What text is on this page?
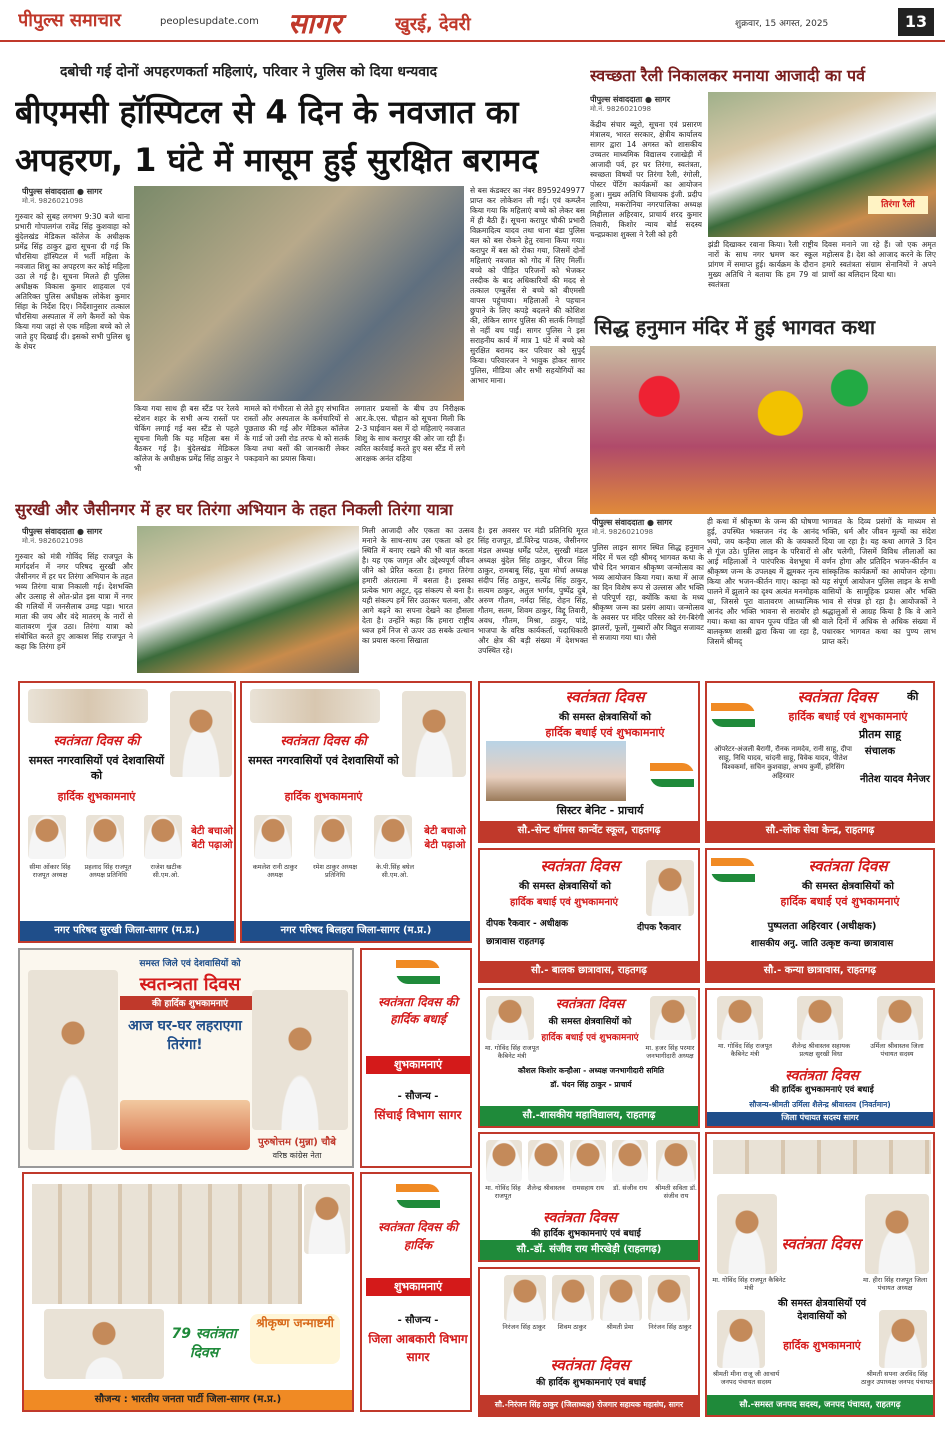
पीपुल्स समाचार	peoplesupdate.com	सागर	खुरई, देवरी	शुक्रवार, 15 अगस्त, 2025	13
दबोची गई दोनों अपहरणकर्ता महिलाएं, परिवार ने पुलिस को दिया धन्यवाद
बीएमसी हॉस्पिटल से 4 दिन के नवजात का
अपहरण, 1 घंटे में मासूम हुई सुरक्षित बरामद
पीपुल्स संवाददाता ● सागर
मो.नं. 9826021098
गुरुवार को सुबह लगभग 9:30 बजे थाना प्रभारी गोपालगंज रावेंद्र सिंह कुशवाहा को बुंदेलखंड मेडिकल कॉलेज के अधीक्षक प्रमेंद्र सिंह ठाकुर द्वारा सूचना दी गई कि चौरसिया हॉस्पिटल में भर्ती महिला के नवजात शिशु का अपहरण कर कोई महिला उठा ले गई है। सूचना मिलते ही पुलिस अधीक्षक विकास कुमार शाहवाल एवं अतिरिक्त पुलिस अधीक्षक लोकेश कुमार सिंहा के निर्देश दिए। निर्देशानुसार तत्काल चौरसिया अस्पताल में लगे कैमरों को चेक किया गया जहां से एक महिला बच्चे को ले जाते हुए दिखाई दी। इसको सभी पुलिस थ्रू के शेयर
किया गया साथ ही बस स्टैंड पर रेलवे स्टेशन शहर के सभी अन्य रास्तों पर चेकिंग लगाई गई बस स्टैंड से पहले सूचना मिली कि यह महिला बस में बैठकर गई है। बुंदेलखंड मेडिकल कॉलेज के अधीक्षक प्रमेंद्र सिंह ठाकुर ने भी
मामले को गंभीरता से लेते हुए संभावित रास्तों और अस्पताल के कर्मचारियों से पूछताछ की गई और मेडिकल कॉलेज के गार्ड जो उसी रोड तरफ थे को सतर्क किया तथा बसों की जानकारी लेकर पकड़वाने का प्रयास किया।
लगातार प्रयासों के बीच उप निरीक्षक आर.के.एस. चौहान को सूचना मिली कि 2-3 घाईवान बस में दो महिलाएं नवजात शिशु के साथ करापुर की ओर जा रही हैं। त्वरित कार्रवाई करते हुए बस स्टैंड में लगे आरक्षक अनंत दहिया
से बस कंडक्टर का नंबर 8959249977 प्राप्त कर लोकेशन ली गई। एवं कम्प्लैन किया गया कि महिलाएं बच्चे को लेकर बस में ही बैठी हैं। सूचना करापुर चौकी प्रभारी विक्रमादित्य यादव तथा थाना बंडा पुलिस बल को बस रोकने हेतु रवाना किया गया। करापुर में बस को रोका गया, जिसमें दोनों महिलाएं नवजात को गोद में लिए मिलीं। बच्चे को पीड़ित परिजनों को भेजकर तस्दीक के बाद अधिकारियों की मदद से तत्काल एम्बुलेंस से बच्चे को बीएमसी वापस पहुंचाया। महिलाओं ने पहचान छुपाने के लिए कपड़े बदलने की कोशिश की, लेकिन सागर पुलिस की सतर्क निगाहों से नहीं बच पाईं। सागर पुलिस ने इस सराहनीय कार्य में मात्र 1 घंटे में बच्चे को सुरक्षित बरामद कर परिवार को सुपुर्द किया। परिवारजन ने भावुक होकर सागर पुलिस, मीडिया और सभी सहयोगियों का आभार माना।
स्वच्छता रैली निकालकर मनाया आजादी का पर्व
पीपुल्स संवाददाता ● सागर
मो.नं. 9826021098
केंद्रीय संचार ब्यूरो, सूचना एवं प्रसारण मंत्रालय, भारत सरकार, क्षेत्रीय कार्यालय सागर द्वारा 14 अगस्त को शासकीय उच्चतर माध्यमिक विद्यालय रजाखेड़ी में आजादी पर्व, हर घर तिरंगा, स्वतंत्रता, स्वच्छता विषयों पर तिरंगा रैली, रंगोली, पोस्टर पेंटिंग कार्यक्रमों का आयोजन हुआ। मुख्य अतिथि विधायक इंजी. प्रदीप लारिया, मकरोनिया नगरपालिका अध्यक्ष मिहीलाल अहिरवार, प्राचार्य शरद कुमार तिवारी, किशोर न्याय बोर्ड सदस्य चन्द्रप्रकाश शुक्ला ने रैली को हरी
तिरंगा रैली
झंडी दिखाकर रवाना किया। रैली राष्ट्रीय नारों के साथ नगर भ्रमण कर स्कूल प्रांगण में समाप्त हुई। कार्यक्रम के दौरान मुख्य अतिथि ने बताया कि हम 79 वां स्वतंत्रता
दिवस मनाने जा रहे हैं। जो एक अमृत महोत्सव है। देश को आजाद करने के लिए हमारे स्वतंत्रता संग्राम सेनानियों ने अपने प्राणों का बलिदान दिया था।
सिद्ध हनुमान मंदिर में हुई भागवत कथा
पीपुल्स संवाददाता ● सागर
मो.नं. 9826021098
पुलिस लाइन सागर स्थित सिद्ध हनुमान मंदिर में चल रही श्रीमद् भागवत कथा के चौथे दिन भगवान श्रीकृष्ण जन्मोत्सव का भव्य आयोजन किया गया। कथा में आज का दिन विशेष रूप से उल्लास और भक्ति से परिपूर्ण रहा, क्योंकि कथा के मध्य श्रीकृष्ण जन्म का प्रसंग आया। जन्मोत्सव के अवसर पर मंदिर परिसर को रंग-बिरंगी झालरों, फूलों, गुब्बारों और विद्युत सजावट से सजाया गया था। जैसे
ही कथा में श्रीकृष्ण के जन्म की घोषणा हुई, उपस्थित भक्तजन नंद के आनंद भयो, जय कन्हैया लाल की के जयकारों से गूंज उठे। पुलिस लाइन के परिवारों से आई महिलाओं ने पारंपरिक वेशभूषा में श्रीकृष्ण जन्म के उपलक्ष्य में झूमकर नृत्य किया और भजन-कीर्तन गाए। कान्हा को पालने में झुलाने का दृश्य अत्यंत मनमोहक था, जिससे पूरा वातावरण आध्यात्मिक आनंद और भक्ति भावना से सराबोर हो गया। कथा का वाचन पूज्य पंडित जी श्री बालकृष्ण शास्त्री द्वारा किया जा रहा है, जिसमें श्रीमद्
भागवत के दिव्य प्रसंगों के माध्यम से भक्ति, धर्म और जीवन मूल्यों का संदेश दिया जा रहा है। यह कथा आगले 3 दिन और चलेगी, जिसमें विविध लीलाओं का वर्णन होगा और प्रतिदिन भजन-कीर्तन व सांस्कृतिक कार्यक्रमों का आयोजन रहेगा। यह संपूर्ण आयोजन पुलिस लाइन के सभी वासियों के सामूहिक प्रयास और भक्ति भाव से संपन्न हो रहा है। आयोजकों ने श्रद्धालुओं से आग्रह किया है कि वे आने वाले दिनों में अधिक से अधिक संख्या में पधारकर भागवत कथा का पुण्य लाभ प्राप्त करें।
सुरखी और जैसीनगर में हर घर तिरंगा अभियान के तहत निकली तिरंगा यात्रा
पीपुल्स संवाददाता ● सागर
मो.नं. 9826021098
गुरुवार को मंत्री गोविंद सिंह राजपूत के मार्गदर्शन में नगर परिषद सुरखी और जैसीनगर में हर घर तिरंगा अभियान के तहत भव्य तिरंगा यात्रा निकाली गई। देशभक्ति और उत्साह से ओत-प्रोत इस यात्रा में नगर की गलियों में जनसैलाब उमड़ पड़ा। भारत माता की जय और वंदे मातरम् के नारों से वातावरण गूंज उठा। तिरंगा यात्रा को संबोधित करते हुए आकाश सिंह राजपूत ने कहा कि तिरंगा हमें
मिली आजादी और एकता का उत्सव मनाने के साथ-साथ उस एकता को हर स्थिति में बनाए रखने की भी बात करता है। यह एक जागृत और उद्देश्यपूर्ण जीवन जीने को प्रेरित करता है। हमारा तिरंगा हमारी अंतरात्मा में बसता है। इसका प्रत्येक भाग अटूट, दृढ़ संकल्प से बना है। यही संकल्प हमें सिर उठाकर चलना, और आगे बढ़ने का सपना देखने का हौसला देता है। उन्होंने कहा कि हमारा राष्ट्रीय ध्वज हमें निज से ऊपर उठ सबके उत्थान का प्रयास करना सिखाता
है। इस अवसर पर मंडी प्रतिनिधि मूरत सिंह राजपूत, डॉ.विरेन्द्र पाठक, जैसीनगर मंडल अध्यक्ष धर्मेंद्र पटेल, सुरखी मंडल अध्यक्ष बुंदेल सिंह ठाकुर, धीरज सिंह ठाकुर, रामबाबू सिंह, युवा मोर्चा अध्यक्ष संदीप सिंह ठाकुर, सत्येंद्र सिंह ठाकुर, सत्यम ठाकुर, अतुल भार्गव, पुष्पेंद्र दुबे, अरुण गौतम, नर्मदा सिंह, रोहन सिंह, गौतम, सतम, शिवम ठाकुर, विद्दू तिवारी, अवध, गौतम, मिश्रा, ठाकुर, पांडे, भाजपा के वरिष्ठ कार्यकर्ता, पदाधिकारी और क्षेत्र की बड़ी संख्या में देशभक्त उपस्थित रहे।
स्वतंत्रता दिवस की
समस्त नगरवासियों एवं देशवासियों को
हार्दिक शुभकामनाएं
बेटी बचाओ बेटी पढ़ाओ
सीमा ओंकार सिंह राजपूत अध्यक्ष
प्रहलाद सिंह राजपूत अध्यक्ष प्रतिनिधि
राजेश खटीक सी.एम.ओ.
नगर परिषद सुरखी जिला-सागर (म.प्र.)
स्वतंत्रता दिवस की
समस्त नगरवासियों एवं देशवासियों को
हार्दिक शुभकामनाएं
बेटी बचाओ बेटी पढ़ाओ
कमलेश रानी ठाकुर अध्यक्ष
रमेश ठाकुर अध्यक्ष प्रतिनिधि
के.पी.सिंह बघेल सी.एम.ओ.
नगर परिषद बिलहरा जिला-सागर (म.प्र.)
स्वतंत्रता दिवस
की समस्त क्षेत्रवासियों को
हार्दिक बधाई एवं शुभकामनाएं
सिस्टर बेनिट - प्राचार्य
सौ.-सेन्ट थॉमस कान्वेंट स्कूल, राहतगढ़
स्वतंत्रता दिवस	की
हार्दिक बधाई एवं शुभकामनाएं
प्रीतम साहू
संचालक
ऑपरेटर-अंजली बैरागी, रौनक नामदेव, रानी साहू, दीपा साहू, निधि यादव, चांदनी साहू, विवेक यादव, पीतेश विश्वकर्मा, सचिन कुशवाहा, अभय कुर्मी, हरिसिंग अहिरवार	नीतेश यादव मैनेजर
सौ.-लोक सेवा केन्द्र, राहतगढ़
स्वतंत्रता दिवस
की समस्त क्षेत्रवासियों को
हार्दिक बधाई एवं शुभकामनाएं
दीपक रैकवार - अधीक्षक	दीपक रैकवार
छात्रावास राहतगढ़
सौ.- बालक छात्रावास, राहतगढ़
स्वतंत्रता दिवस
की समस्त क्षेत्रवासियों को
हार्दिक बधाई एवं शुभकामनाएं
पुष्पलता अहिरवार (अधीक्षक)
शासकीय अनु. जाति उत्कृष्ट कन्या छात्रावास
सौ.- कन्या छात्रावास, राहतगढ़
समस्त जिले एवं देशवासियों को
स्वतन्त्रता दिवस
की हार्दिक शुभकामनाएं
आज घर-घर लहराएगा तिरंगा!
पुरुषोत्तम (मुन्ना) चौबे
वरिष्ठ कांग्रेस नेता
स्वतंत्रता दिवस की हार्दिक बधाई
शुभकामनाएं
- सौजन्य -
सिंचाई विभाग सागर
स्वतंत्रता दिवस
की समस्त क्षेत्रवासियों को
हार्दिक बधाई एवं शुभकामनाएं
मा. गोविंद सिंह राजपूत कैबिनेट मंत्री
मा. हजर सिंह परमार जनभागीदारी अध्यक्ष
कौशल किशोर कन्हौआ - अध्यक्ष जनभागीदारी समिति
डॉ. चंदन सिंह ठाकुर - प्राचार्य
सौ.-शासकीय महाविद्यालय, राहतगढ़
मा. गोविंद सिंह राजपूत कैबिनेट मंत्री
शैलेन्द्र श्रीवास्तव सहायक प्रत्यक्ष सुरखी विधा
उर्मिला श्रीवास्तव जिला पंचायत सदस्य
स्वतंत्रता दिवस
की हार्दिक शुभकामनाएं एवं बधाई
सौजन्य-श्रीमती उर्मिला शैलेन्द्र श्रीवास्तव (निवर्तमान)
जिला पंचायत सदस्य सागर
79 स्वतंत्रता दिवस
श्रीकृष्ण जन्माष्टमी
सौजन्य : भारतीय जनता पार्टी जिला-सागर (म.प्र.)
स्वतंत्रता दिवस की हार्दिक
शुभकामनाएं
- सौजन्य -
जिला आबकारी विभाग सागर
मा. गोविंद सिंह राजपूत
शैलेन्द्र श्रीवास्तव	रामसहाय राय	डॉ. संजीव राय	श्रीमती सविता डॉ. संजीव राय
स्वतंत्रता दिवस
की हार्दिक शुभकामनाएं एवं बधाई
सौ.-डॉ. संजीव राय मीरखेड़ी (राहतगढ़)
निरंजन सिंह ठाकुर	शिवम ठाकुर	श्रीमती प्रेमा	निरंजन सिंह ठाकुर
स्वतंत्रता दिवस
की हार्दिक शुभकामनाएं एवं बधाई
सौ.-निरंजन सिंह ठाकुर (जिलाध्यक्ष) रोजगार सहायक महासंघ, सागर
स्वतंत्रता दिवस
मा. गोविंद सिंह राजपूत कैबिनेट मंत्री
मा. हीरा सिंह राजपूत जिला पंचायत अध्यक्ष
की समस्त क्षेत्रवासियों एवं देशवासियों को
हार्दिक शुभकामनाएं
श्रीमती मीना राजू जी आचार्य जनपद पंचायत सदस्य
श्रीमती सपना अरविंद सिंह ठाकुर उपाध्यक्ष जनपद पंचायत
सौ.-समस्त जनपद सदस्य, जनपद पंचायत, राहतगढ़
